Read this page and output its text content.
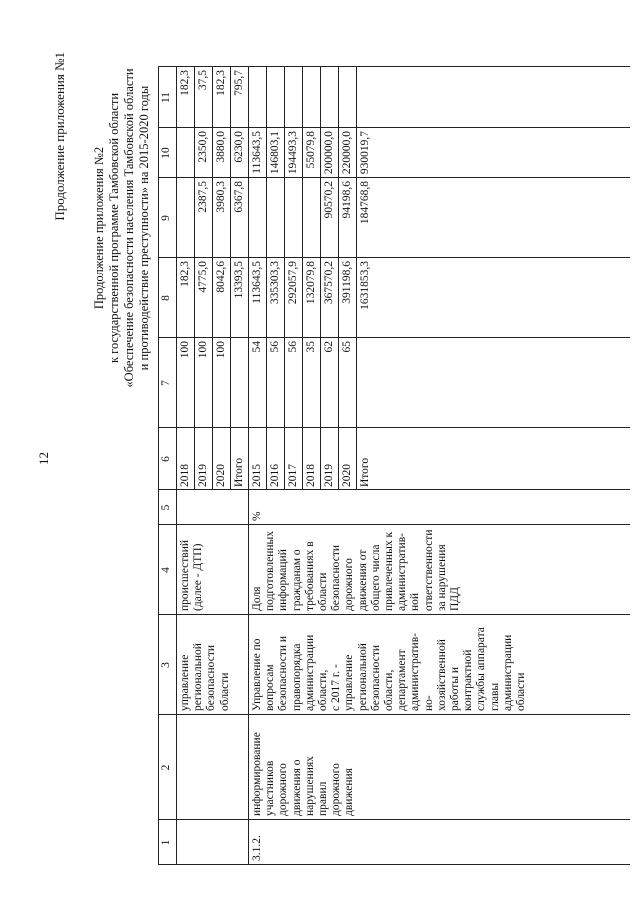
12
Продолжение приложения №1
Продолжение приложения №2 к государственной программе Тамбовской области «Обеспечение безопасности населения Тамбовской области и противодействие преступности» на 2015-2020 годы
1
2
3
4
5
6
7
8
9
10
11
управление региональной безопасности области
происшествий (далее - ДТП)
2018
100
182,3
182,3
2019
100
4775,0
2387,5
2350,0
37,5
2020
100
8042,6
3980,3
3880,0
182,3
Итого
13393,5
6367,8
6230,0
795,7
2015
54
113643,5
113643,5
2016
56
335303,3
146803,1
2017
56
292057,9
194493,3
2018
35
132079,8
55079,8
2019
62
367570,2
90570,2
200000,0
2020
65
391198,6
94198,6
220000,0
Итого
1631853,3
184768,8
930019,7
3.1.2.
информирование участников дорожного движения о нарушениях правил дорожного движения
Управление по вопросам безопасности и правопорядка администрации области, с 2017 г. - управление региональной безопасности области, департамент административ- но- хозяйственной работы и контрактной службы аппарата главы администрации области
Доля подготовленных информаций гражданам о требованиях в области безопасности дорожного движения от общего числа привлеченных к административ- ной ответственности за нарушения ПДД
%
